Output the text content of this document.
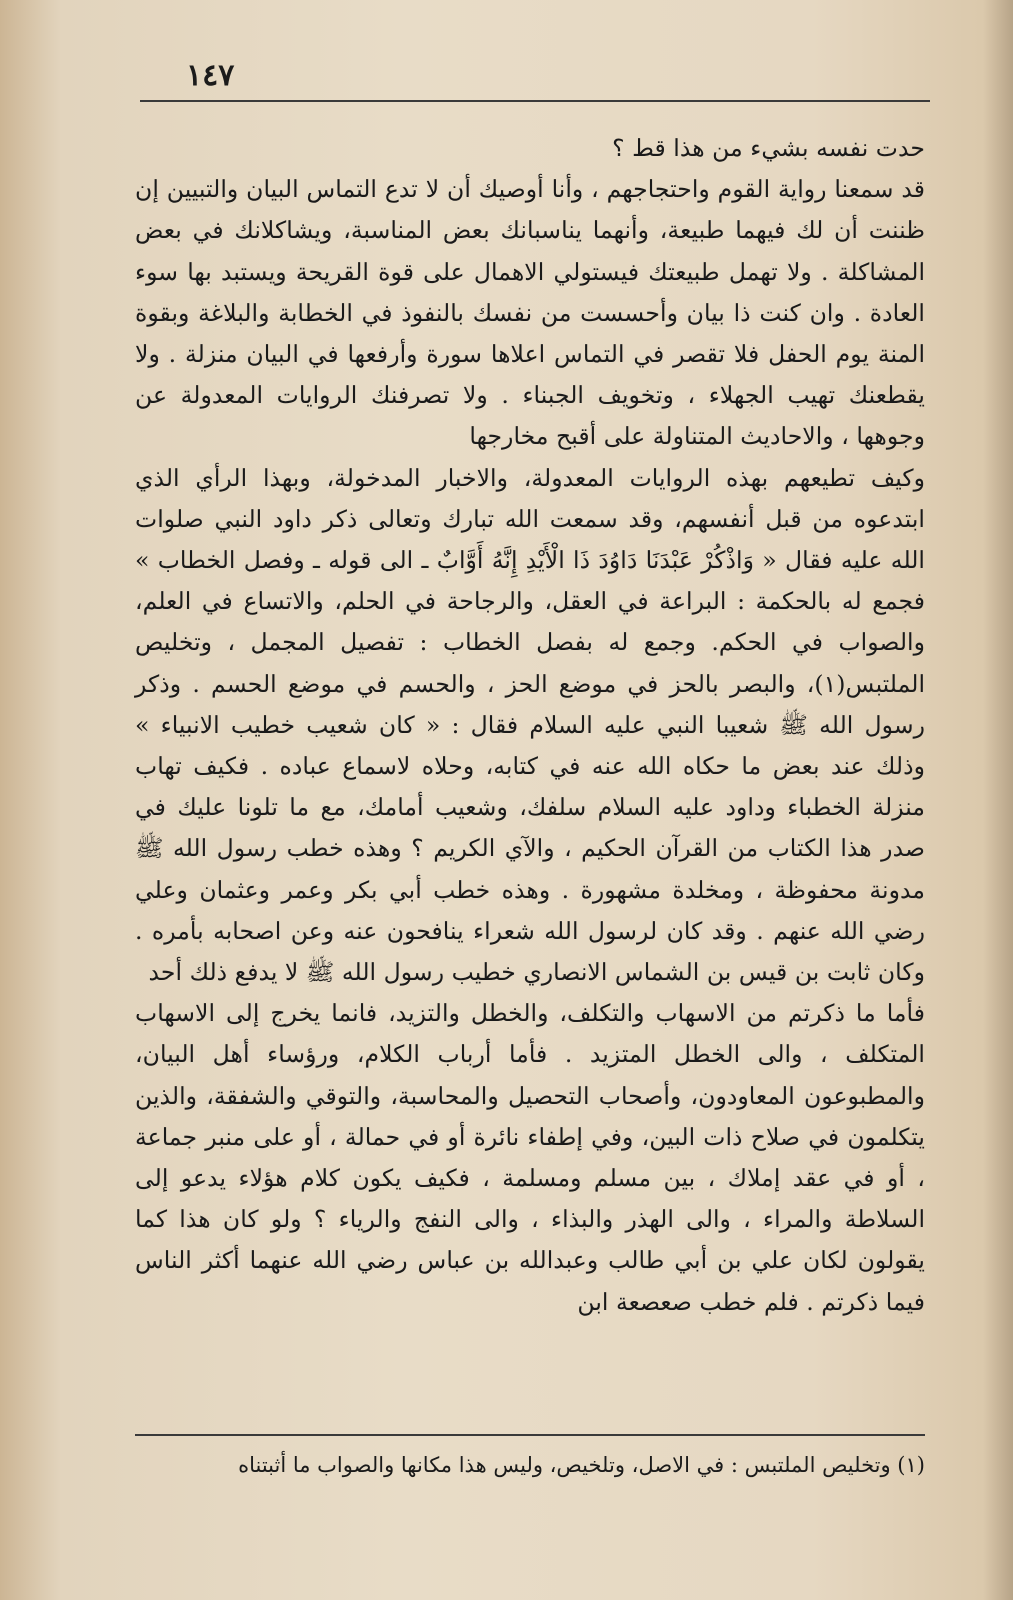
١٤٧

حدت نفسه بشيء من هذا قط ؟

قد سمعنا رواية القوم واحتجاجهم ، وأنا أوصيك أن لا تدع التماس البيان والتبيين إن ظننت أن لك فيهما طبيعة، وأنهما يناسبانك بعض المناسبة، ويشاكلانك في بعض المشاكلة . ولا تهمل طبيعتك فيستولي الاهمال على قوة القريحة ويستبد بها سوء العادة . وان كنت ذا بيان وأحسست من نفسك بالنفوذ في الخطابة والبلاغة وبقوة المنة يوم الحفل فلا تقصر في التماس اعلاها سورة وأرفعها في البيان منزلة . ولا يقطعنك تهيب الجهلاء ، وتخويف الجبناء . ولا تصرفنك الروايات المعدولة عن وجوهها ، والاحاديث المتناولة على أقبح مخارجها

وكيف تطيعهم بهذه الروايات المعدولة، والاخبار المدخولة، وبهذا الرأي الذي ابتدعوه من قبل أنفسهم، وقد سمعت الله تبارك وتعالى ذكر داود النبي صلوات الله عليه فقال « وَاذْكُرْ عَبْدَنَا دَاوُدَ ذَا الْأَيْدِ إِنَّهُ أَوَّابٌ ـ الى قوله ـ وفصل الخطاب » فجمع له بالحكمة : البراعة في العقل، والرجاحة في الحلم، والاتساع في العلم، والصواب في الحكم. وجمع له بفصل الخطاب : تفصيل المجمل ، وتخليص الملتبس(١)، والبصر بالحز في موضع الحز ، والحسم في موضع الحسم . وذكر رسول الله ﷺ شعيبا النبي عليه السلام فقال : « كان شعيب خطيب الانبياء » وذلك عند بعض ما حكاه الله عنه في كتابه، وحلاه لاسماع عباده . فكيف تهاب منزلة الخطباء وداود عليه السلام سلفك، وشعيب أمامك، مع ما تلونا عليك في صدر هذا الكتاب من القرآن الحكيم ، والآي الكريم ؟ وهذه خطب رسول الله ﷺ مدونة محفوظة ، ومخلدة مشهورة . وهذه خطب أبي بكر وعمر وعثمان وعلي رضي الله عنهم . وقد كان لرسول الله شعراء ينافحون عنه وعن اصحابه بأمره . وكان ثابت بن قيس بن الشماس الانصاري خطيب رسول الله ﷺ لا يدفع ذلك أحد

فأما ما ذكرتم من الاسهاب والتكلف، والخطل والتزيد، فانما يخرج إلى الاسهاب المتكلف ، والى الخطل المتزيد . فأما أرباب الكلام، ورؤساء أهل البيان، والمطبوعون المعاودون، وأصحاب التحصيل والمحاسبة، والتوقي والشفقة، والذين يتكلمون في صلاح ذات البين، وفي إطفاء نائرة أو في حمالة ، أو على منبر جماعة ، أو في عقد إملاك ، بين مسلم ومسلمة ، فكيف يكون كلام هؤلاء يدعو إلى السلاطة والمراء ، والى الهذر والبذاء ، والى النفج والرياء ؟ ولو كان هذا كما يقولون لكان علي بن أبي طالب وعبدالله بن عباس رضي الله عنهما أكثر الناس فيما ذكرتم . فلم خطب صعصعة ابن

(١) وتخليص الملتبس : في الاصل، وتلخيص، وليس هذا مكانها والصواب ما أثبتناه
